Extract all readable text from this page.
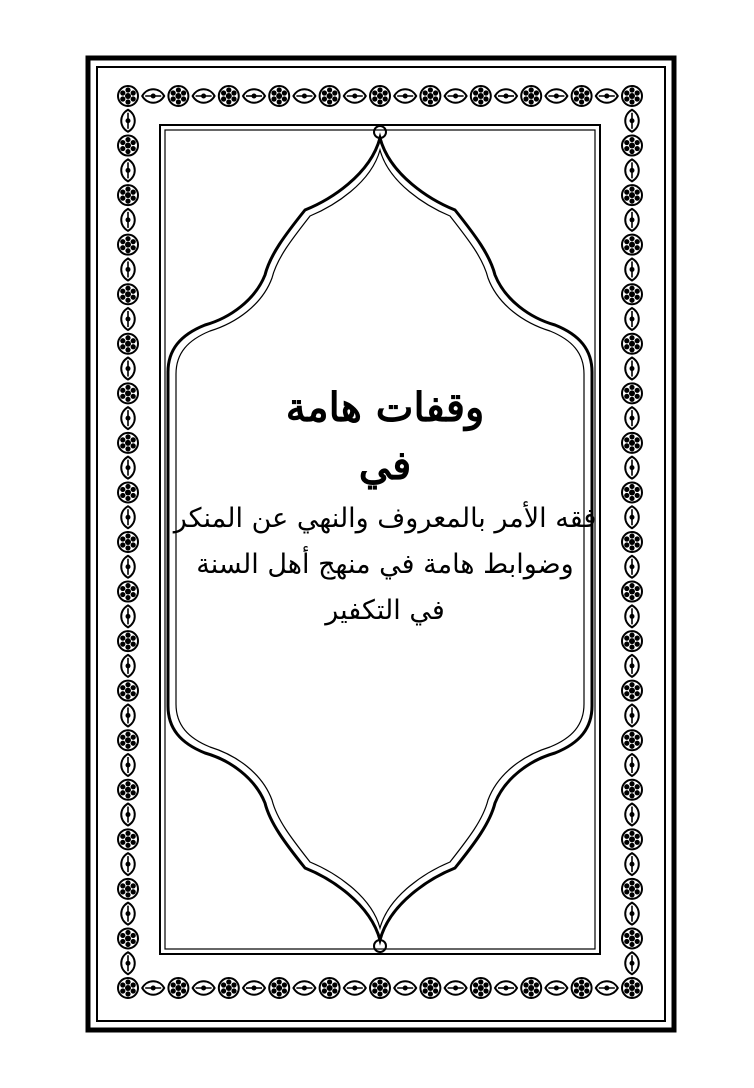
وقفات هامة
في
فقه الأمر بالمعروف والنهي عن المنكر
وضوابط هامة في منهج أهل السنة
في التكفير
